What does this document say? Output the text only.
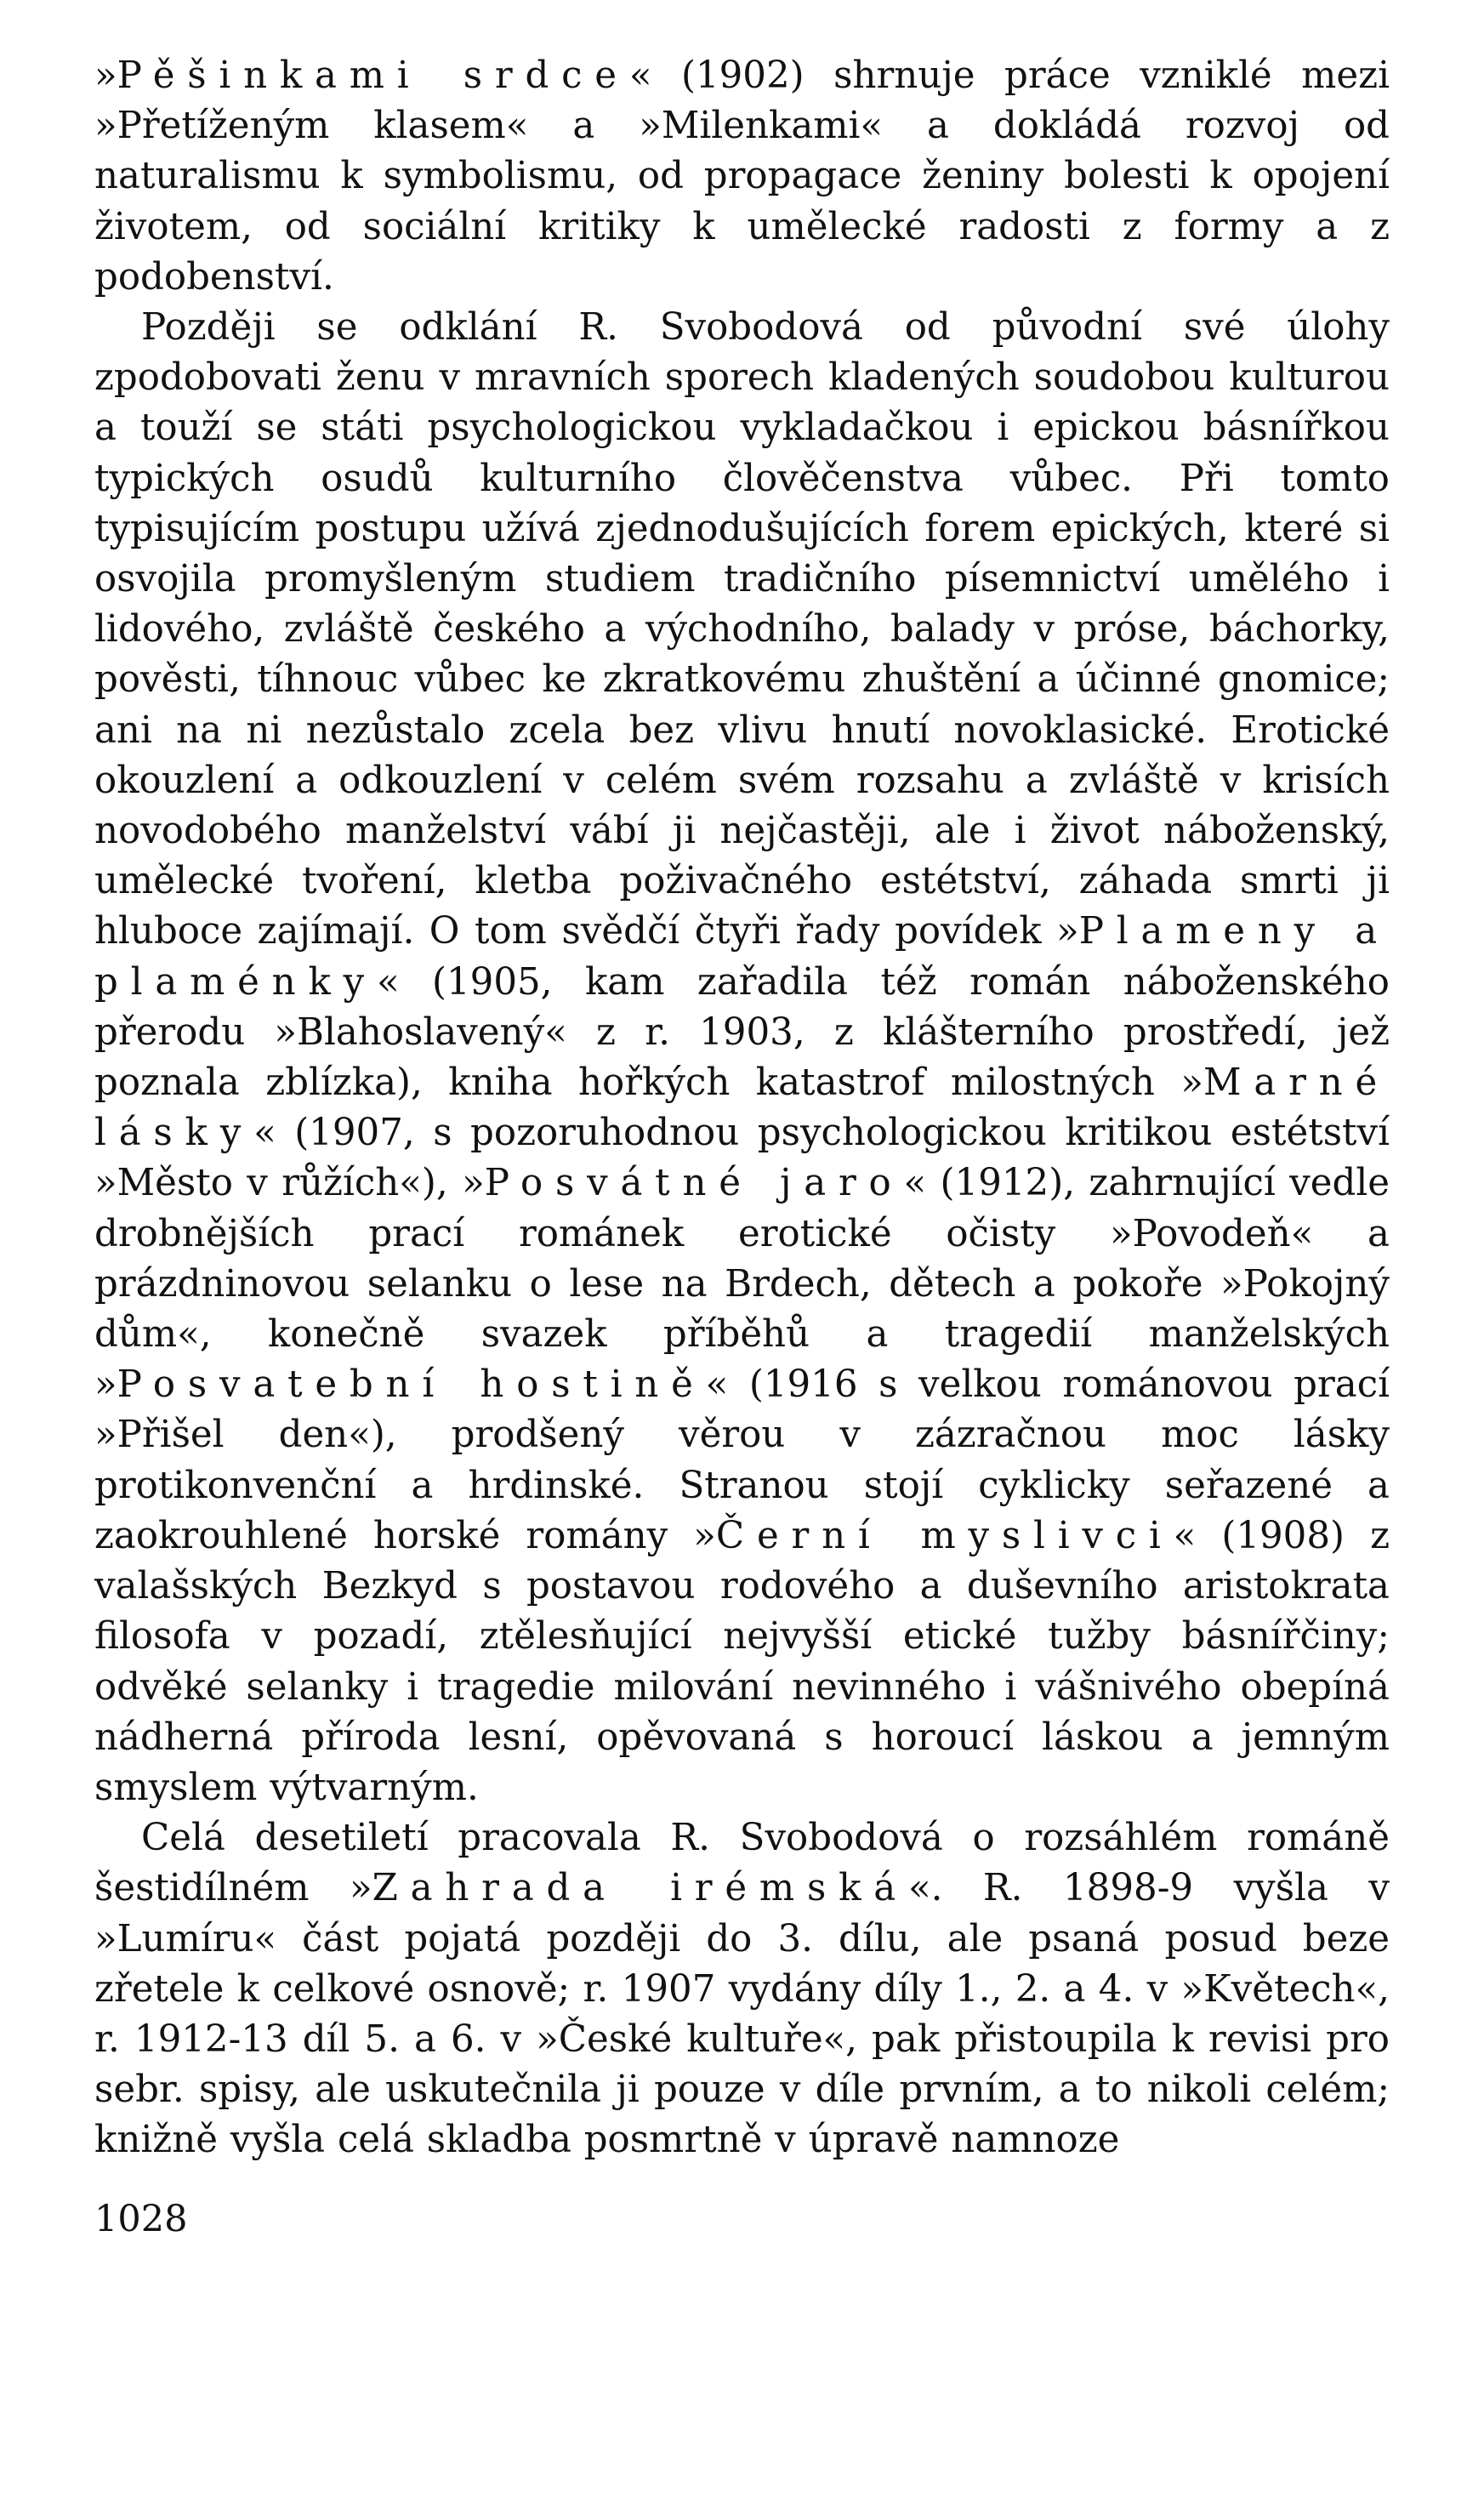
»Pěšinkami srdce« (1902) shrnuje práce vzniklé mezi »Přetíženým klasem« a »Milenkami« a dokládá rozvoj od naturalismu k symbolismu, od propagace ženiny bolesti k opojení životem, od sociální kritiky k umělecké radosti z formy a z podobenství.

Později se odklání R. Svobodová od původní své úlohy zpodobovati ženu v mravních sporech kladených soudobou kulturou a touží se státi psychologickou vykladačkou i epickou básnířkou typických osudů kulturního člověčenstva vůbec. Při tomto typisujícím postupu užívá zjednodušujících forem epických, které si osvojila promyšleným studiem tradičního písemnictví umělého i lidového, zvláště českého a východního, balady v próse, báchorky, pověsti, tíhnouc vůbec ke zkratkovému zhuštění a účinné gnomice; ani na ni nezůstalo zcela bez vlivu hnutí novoklasické. Erotické okouzlení a odkouzlení v celém svém rozsahu a zvláště v krisích novodobého manželství vábí ji nejčastěji, ale i život náboženský, umělecké tvoření, kletba poživačného estétství, záhada smrti ji hluboce zajímají. O tom svědčí čtyři řady povídek »Plameny a plaménky« (1905, kam zařadila též román náboženského přerodu »Blahoslavený« z r. 1903, z klášterního prostředí, jež poznala zblízka), kniha hořkých katastrof milostných »Marné lásky« (1907, s pozoruhodnou psychologickou kritikou estétství »Město v růžích«), »Posvátné jaro« (1912), zahrnující vedle drobnějších prací románek erotické očisty »Povodeň« a prázdninovou selanku o lese na Brdech, dětech a pokoře »Pokojný dům«, konečně svazek příběhů a tragedií manželských »Posvatební hostině« (1916 s velkou románovou prací »Přišel den«), prodšený věrou v zázračnou moc lásky protikonvenční a hrdinské. Stranou stojí cyklicky seřazené a zaokrouhlené horské romány »Černí myslivci« (1908) z valašských Bezkyd s postavou rodového a duševního aristokrata filosofa v pozadí, ztělesňující nejvyšší etické tužby básnířčiny; odvěké selanky i tragedie milování nevinného i vášnivého obepíná nádherná příroda lesní, opěvovaná s horoucí láskou a jemným smyslem výtvarným.

Celá desetiletí pracovala R. Svobodová o rozsáhlém románě šestidílném »Zahrada irémská«. R. 1898-9 vyšla v »Lumíru« část pojatá později do 3. dílu, ale psaná posud beze zřetele k celkové osnově; r. 1907 vydány díly 1., 2. a 4. v »Květech«, r. 1912-13 díl 5. a 6. v »České kultuře«, pak přistoupila k revisi pro sebr. spisy, ale uskutečnila ji pouze v díle prvním, a to nikoli celém; knižně vyšla celá skladba posmrtně v úpravě namnoze

1028
